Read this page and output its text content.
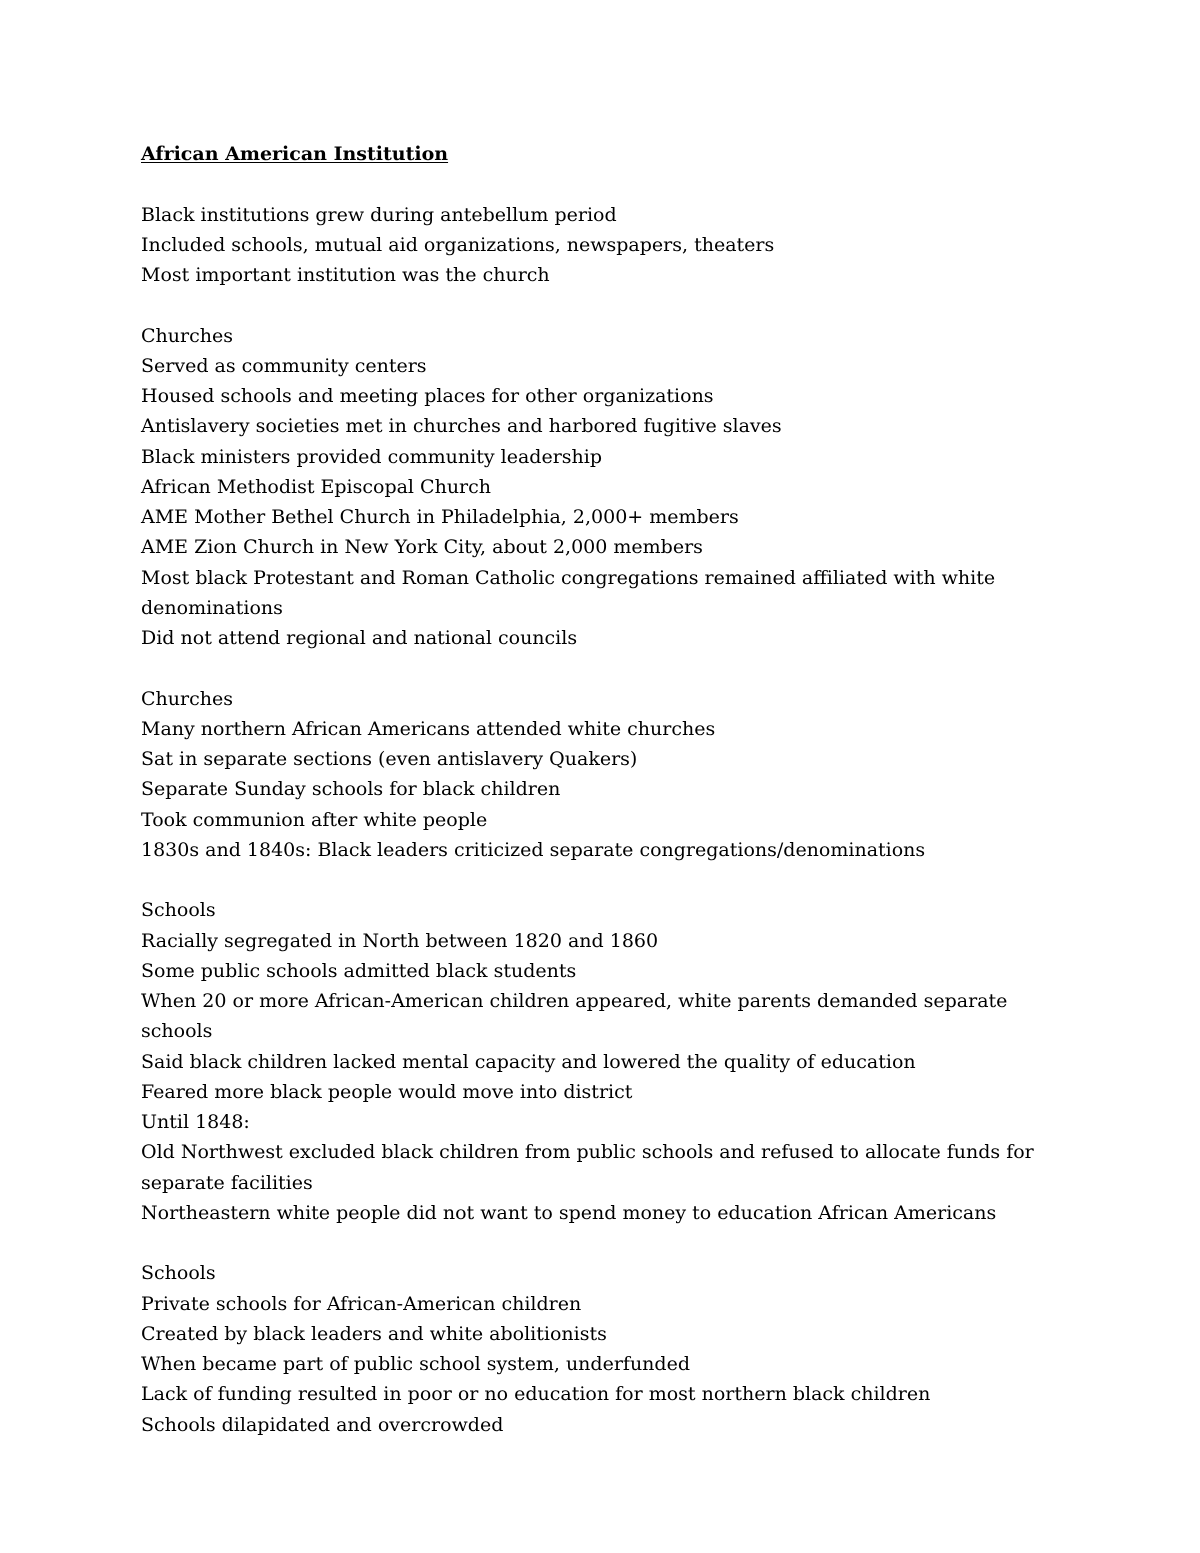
African American Institution

Black institutions grew during antebellum period
Included schools, mutual aid organizations, newspapers, theaters
Most important institution was the church
Churches
Served as community centers
Housed schools and meeting places for other organizations
Antislavery societies met in churches and harbored fugitive slaves
Black ministers provided community leadership
African Methodist Episcopal Church
AME Mother Bethel Church in Philadelphia, 2,000+ members
AME Zion Church in New York City, about 2,000 members
Most black Protestant and Roman Catholic congregations remained affiliated with white denominations
Did not attend regional and national councils
Churches
Many northern African Americans attended white churches
Sat in separate sections (even antislavery Quakers)
Separate Sunday schools for black children
Took communion after white people
1830s and 1840s: Black leaders criticized separate congregations/denominations
Schools
Racially segregated in North between 1820 and 1860
Some public schools admitted black students
When 20 or more African-American children appeared, white parents demanded separate schools
Said black children lacked mental capacity and lowered the quality of education
Feared more black people would move into district
Until 1848:
Old Northwest excluded black children from public schools and refused to allocate funds for separate facilities
Northeastern white people did not want to spend money to education African Americans
Schools
Private schools for African-American children
Created by black leaders and white abolitionists
When became part of public school system, underfunded
Lack of funding resulted in poor or no education for most northern black children
Schools dilapidated and overcrowded
